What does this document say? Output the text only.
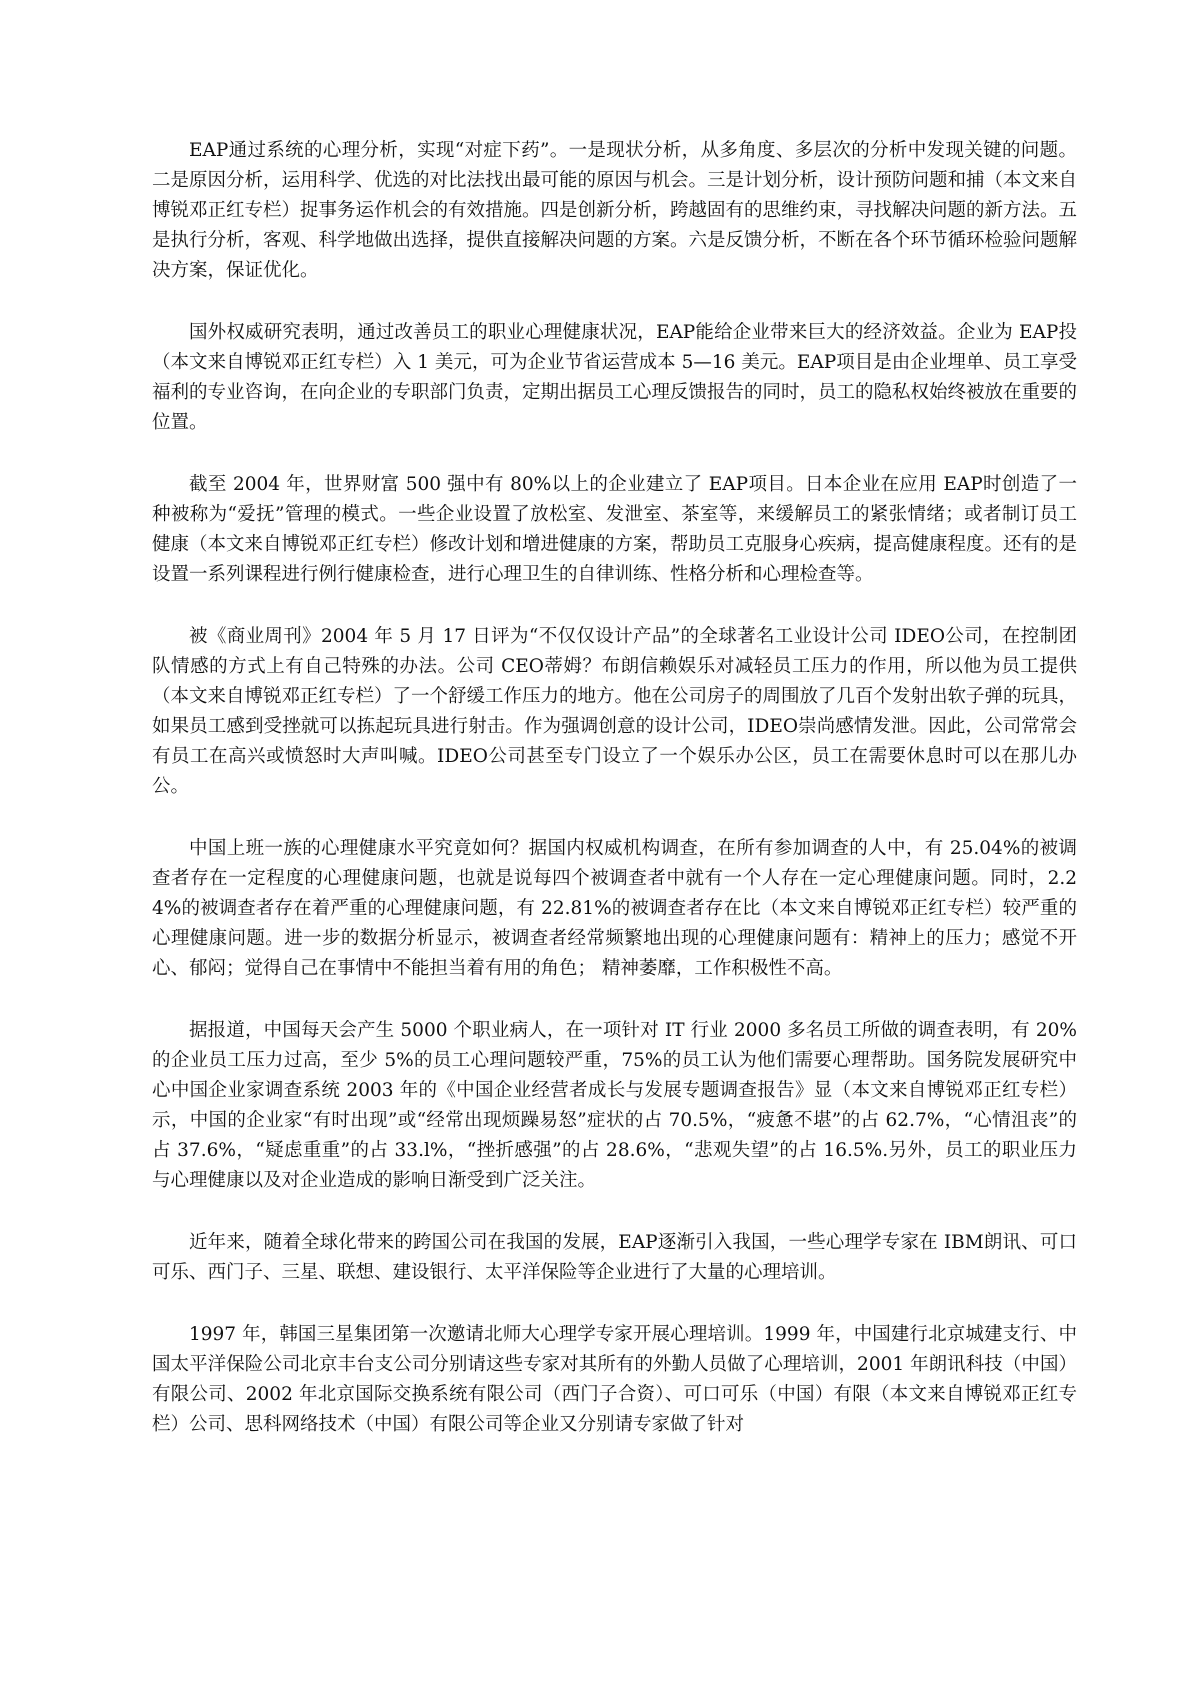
EAP通过系统的心理分析，实现“对症下药”。一是现状分析，从多角度、多层次的分析中发现关键的问题。二是原因分析，运用科学、优选的对比法找出最可能的原因与机会。三是计划分析，设计预防问题和捕（本文来自博锐邓正红专栏）捉事务运作机会的有效措施。四是创新分析，跨越固有的思维约束，寻找解决问题的新方法。五是执行分析，客观、科学地做出选择，提供直接解决问题的方案。六是反馈分析，不断在各个环节循环检验问题解决方案，保证优化。

国外权威研究表明，通过改善员工的职业心理健康状况，EAP能给企业带来巨大的经济效益。企业为 EAP投（本文来自博锐邓正红专栏）入 1 美元，可为企业节省运营成本 5—16 美元。EAP项目是由企业埋单、员工享受福利的专业咨询，在向企业的专职部门负责，定期出据员工心理反馈报告的同时，员工的隐私权始终被放在重要的位置。

截至 2004 年，世界财富 500 强中有 80%以上的企业建立了 EAP项目。日本企业在应用 EAP时创造了一种被称为“爱抚”管理的模式。一些企业设置了放松室、发泄室、茶室等，来缓解员工的紧张情绪；或者制订员工健康（本文来自博锐邓正红专栏）修改计划和增进健康的方案，帮助员工克服身心疾病，提高健康程度。还有的是设置一系列课程进行例行健康检查，进行心理卫生的自律训练、性格分析和心理检查等。

被《商业周刊》2004 年 5 月 17 日评为“不仅仅设计产品”的全球著名工业设计公司 IDEO公司，在控制团队情感的方式上有自己特殊的办法。公司 CEO蒂姆？布朗信赖娱乐对减轻员工压力的作用，所以他为员工提供（本文来自博锐邓正红专栏）了一个舒缓工作压力的地方。他在公司房子的周围放了几百个发射出软子弹的玩具，如果员工感到受挫就可以拣起玩具进行射击。作为强调创意的设计公司，IDEO崇尚感情发泄。因此，公司常常会有员工在高兴或愤怒时大声叫喊。IDEO公司甚至专门设立了一个娱乐办公区，员工在需要休息时可以在那儿办公。

中国上班一族的心理健康水平究竟如何？据国内权威机构调查，在所有参加调查的人中，有 25.04%的被调查者存在一定程度的心理健康问题，也就是说每四个被调查者中就有一个人存在一定心理健康问题。同时，2.24%的被调查者存在着严重的心理健康问题，有 22.81%的被调查者存在比（本文来自博锐邓正红专栏）较严重的心理健康问题。进一步的数据分析显示，被调查者经常频繁地出现的心理健康问题有：精神上的压力；感觉不开心、郁闷；觉得自己在事情中不能担当着有用的角色； 精神萎靡，工作积极性不高。

据报道，中国每天会产生 5000 个职业病人，在一项针对 IT 行业 2000 多名员工所做的调查表明，有 20%的企业员工压力过高，至少 5%的员工心理问题较严重，75%的员工认为他们需要心理帮助。国务院发展研究中心中国企业家调查系统 2003 年的《中国企业经营者成长与发展专题调查报告》显（本文来自博锐邓正红专栏）示，中国的企业家“有时出现”或“经常出现烦躁易怒”症状的占 70.5%，“疲惫不堪”的占 62.7%，“心情沮丧”的占 37.6%，“疑虑重重”的占 33.l%，“挫折感强”的占 28.6%，“悲观失望”的占 16.5%.另外，员工的职业压力与心理健康以及对企业造成的影响日渐受到广泛关注。

近年来，随着全球化带来的跨国公司在我国的发展，EAP逐渐引入我国，一些心理学专家在 IBM朗讯、可口可乐、西门子、三星、联想、建设银行、太平洋保险等企业进行了大量的心理培训。

1997 年，韩国三星集团第一次邀请北师大心理学专家开展心理培训。1999 年，中国建行北京城建支行、中国太平洋保险公司北京丰台支公司分别请这些专家对其所有的外勤人员做了心理培训，2001 年朗讯科技（中国）有限公司、2002 年北京国际交换系统有限公司（西门子合资）、可口可乐（中国）有限（本文来自博锐邓正红专栏）公司、思科网络技术（中国）有限公司等企业又分别请专家做了针对
